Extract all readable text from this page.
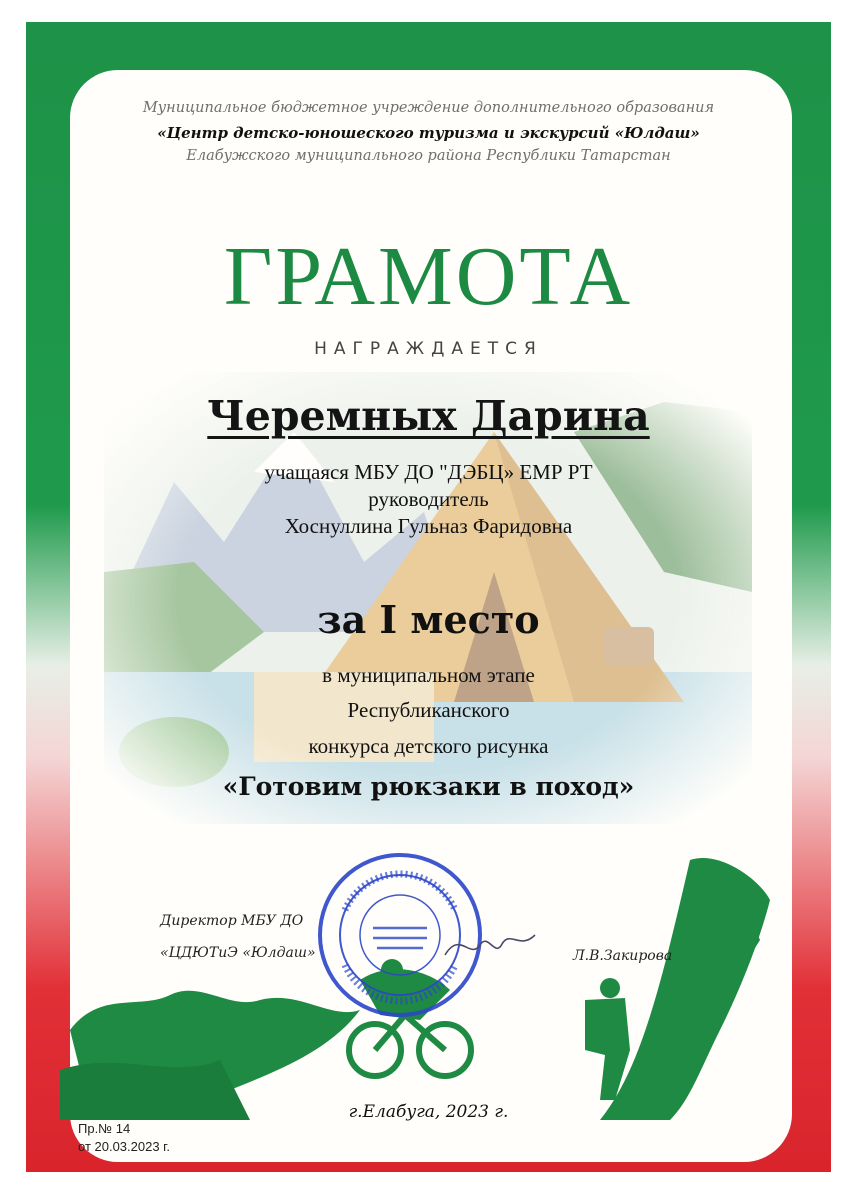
Муниципальное бюджетное учреждение дополнительного образования
«Центр детско-юношеского туризма и экскурсий «Юлдаш»
Елабужского муниципального района Республики Татарстан
ГРАМОТА
НАГРАЖДАЕТСЯ
Черемных Дарина
учащаяся МБУ ДО "ДЭБЦ» ЕМР РТ
руководитель
Хоснуллина Гульназ Фаридовна
за I место
в муниципальном этапе
Республиканского
конкурса детского рисунка
«Готовим рюкзаки в поход»
Директор МБУ ДО
«ЦДЮТиЭ «Юлдаш»	Л.В.Закирова
г.Елабуга, 2023 г.
Пр.№ 14
от 20.03.2023 г.
